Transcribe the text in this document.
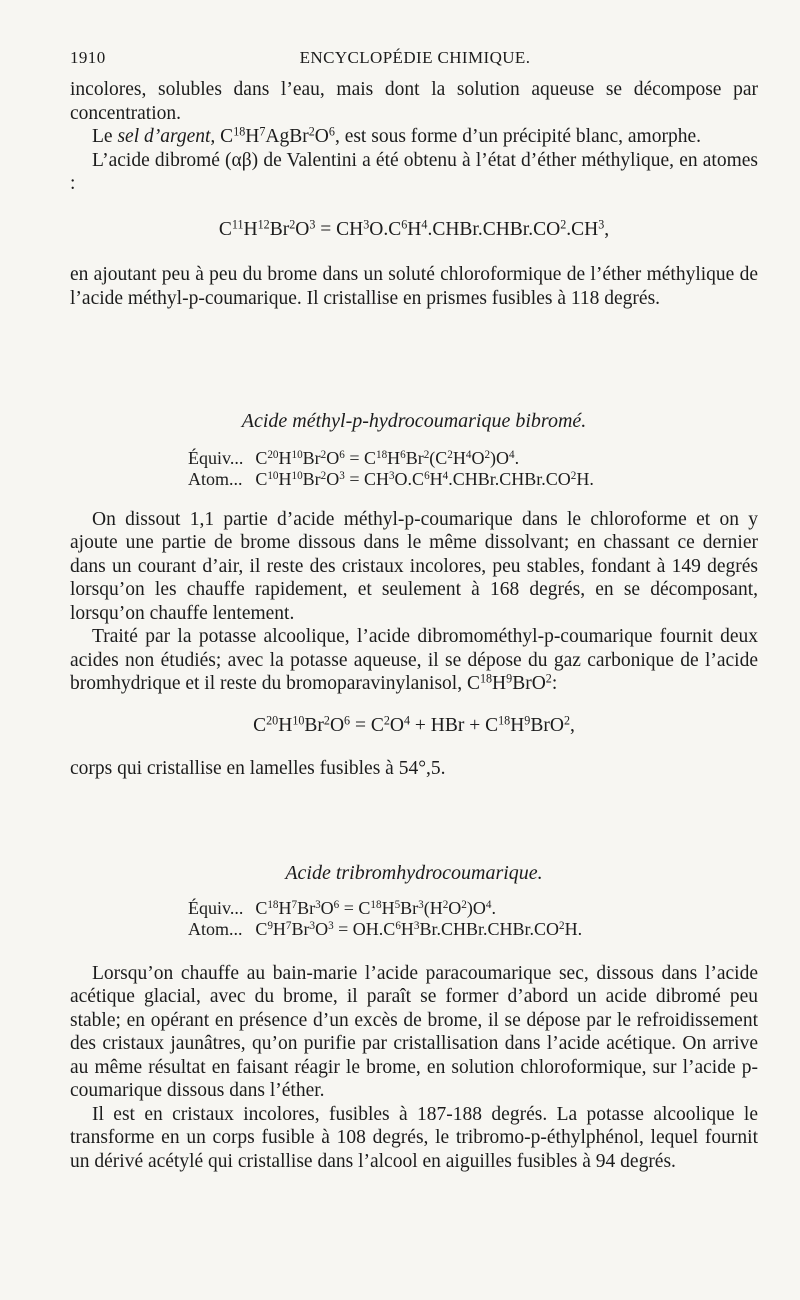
1910	ENCYCLOPÉDIE CHIMIQUE.

incolores, solubles dans l’eau, mais dont la solution aqueuse se décompose par concentration.

Le sel d’argent, $C^{18}H^7AgBr^2O^6$, est sous forme d’un précipité blanc, amorphe.

L’acide dibromé (αβ) de Valentini a été obtenu à l’état d’éther méthylique, en atomes :

$C^{11}H^{12}Br^2O^3$ = $CH^3O.C^6H^4.CHBr.CHBr.CO^2.CH^3$,

en ajoutant peu à peu du brome dans un soluté chloroformique de l’éther méthylique de l’acide méthyl-p-coumarique. Il cristallise en prismes fusibles à 118 degrés.

Acide méthyl-p-hydrocoumarique bibromé.

Équiv...	$C^{20}H^{10}Br^2O^6 = C^{18}H^6Br^2(C^2H^4O^2)O^4$.
Atom...	$C^{10}H^{10}Br^2O^3$ = $CH^3O.C^6H^4.CHBr.CHBr.CO^2H$.

On dissout 1,1 partie d’acide méthyl-p-coumarique dans le chloroforme et on y ajoute une partie de brome dissous dans le même dissolvant; en chassant ce dernier dans un courant d’air, il reste des cristaux incolores, peu stables, fondant à 149 degrés lorsqu’on les chauffe rapidement, et seulement à 168 degrés, en se décomposant, lorsqu’on chauffe lentement.

Traité par la potasse alcoolique, l’acide dibromométhyl-p-coumarique fournit deux acides non étudiés; avec la potasse aqueuse, il se dépose du gaz carbonique de l’acide bromhydrique et il reste du bromoparavinylanisol, $C^{18}H^9BrO^2$:

$C^{20}H^{10}Br^2O^6 = C^2O^4$ + HBr + $C^{18}H^9BrO^2$,

corps qui cristallise en lamelles fusibles à 54°,5.

Acide tribromhydrocoumarique.

Équiv...	$C^{18}H^7Br^3O^6 = C^{18}H^5Br^3(H^2O^2)O^4$.
Atom...	$C^9H^7Br^3O^3$ = $OH.C^6H^3Br.CHBr.CHBr.CO^2H$.

Lorsqu’on chauffe au bain-marie l’acide paracoumarique sec, dissous dans l’acide acétique glacial, avec du brome, il paraît se former d’abord un acide dibromé peu stable; en opérant en présence d’un excès de brome, il se dépose par le refroidissement des cristaux jaunâtres, qu’on purifie par cristallisation dans l’acide acétique. On arrive au même résultat en faisant réagir le brome, en solution chloroformique, sur l’acide p-coumarique dissous dans l’éther.

Il est en cristaux incolores, fusibles à 187-188 degrés. La potasse alcoolique le transforme en un corps fusible à 108 degrés, le tribromo-p-éthylphénol, lequel fournit un dérivé acétylé qui cristallise dans l’alcool en aiguilles fusibles à 94 degrés.
